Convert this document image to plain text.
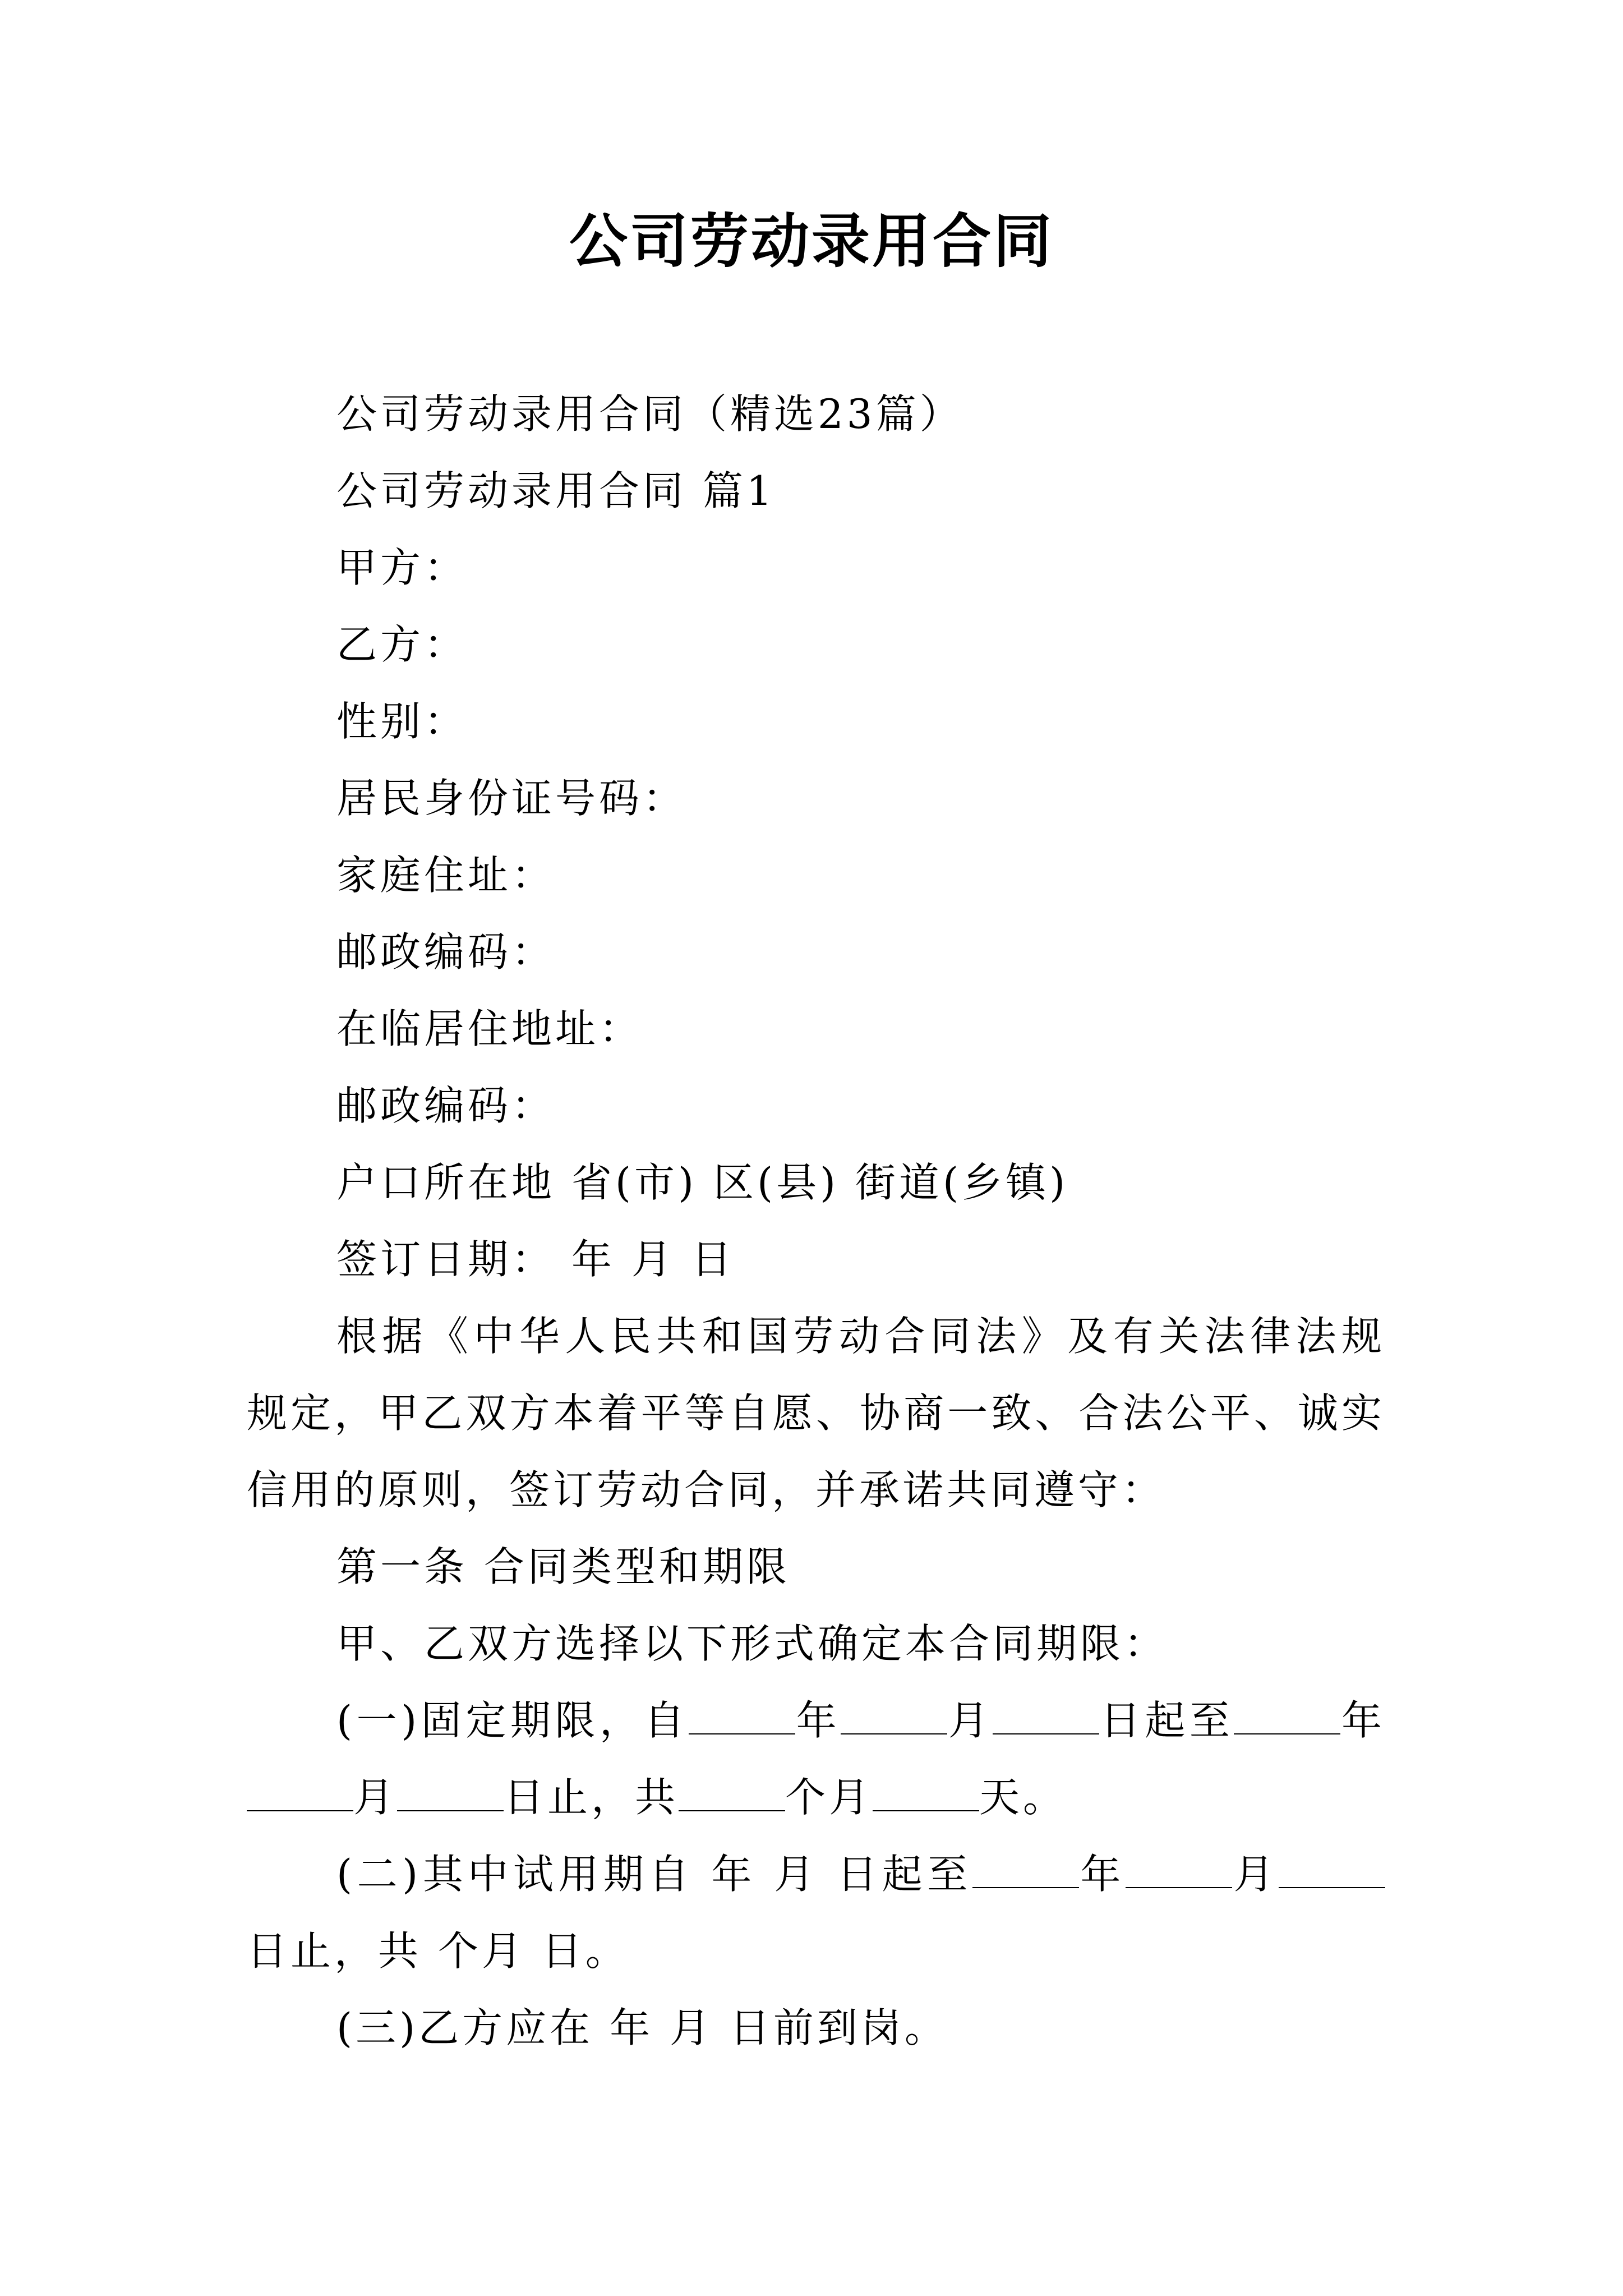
公司劳动录用合同

公司劳动录用合同（精选23篇）

公司劳动录用合同 篇1

甲方：

乙方：

性别：

居民身份证号码：

家庭住址：

邮政编码：

在临居住地址：

邮政编码：

户口所在地 省(市) 区(县) 街道(乡镇)

签订日期： 年 月 日

根据《中华人民共和国劳动合同法》及有关法律法规规定，甲乙双方本着平等自愿、协商一致、合法公平、诚实信用的原则，签订劳动合同，并承诺共同遵守：

第一条 合同类型和期限

甲、乙双方选择以下形式确定本合同期限：

(一)固定期限，自	年	月	日起至	年月	日止，共	个月	天。

(二)其中试用期自 年 月 日起至	年	月日止，共 个月 日。

(三)乙方应在 年 月 日前到岗。
